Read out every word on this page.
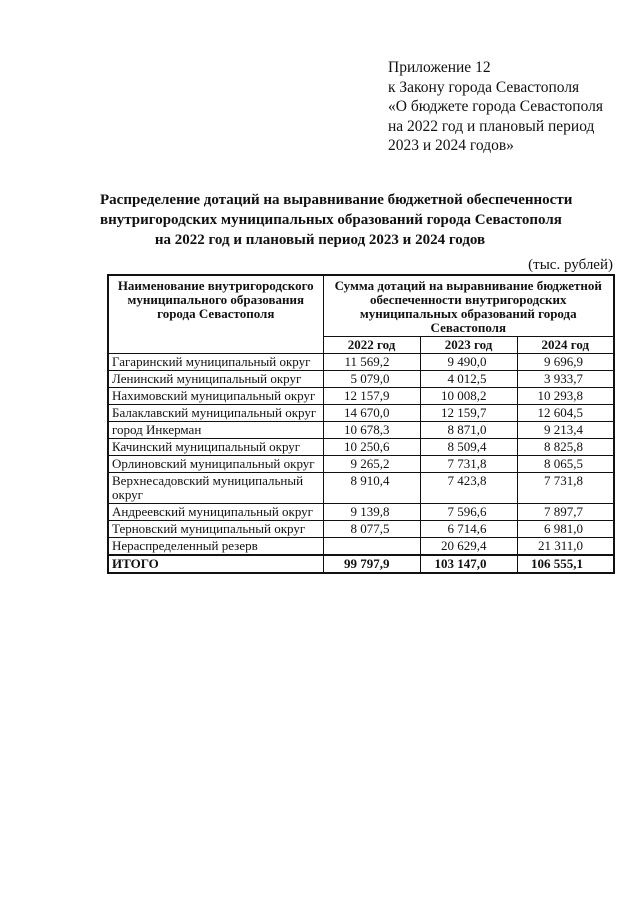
Приложение 12
к Закону города Севастополя
«О бюджете города Севастополя
на 2022 год и плановый период
2023 и 2024 годов»
Распределение дотаций на выравнивание бюджетной обеспеченности
внутригородских муниципальных образований города Севастополя
на 2022 год и плановый период 2023 и 2024 годов
(тыс. рублей)
Наименование внутригородского муниципального образования города Севастополя	Сумма дотаций на выравнивание бюджетной обеспеченности внутригородских муниципальных образований города Севастополя		
	2022 год	2023 год	2024 год
Гагаринский муниципальный округ	11 569,2	9 490,0	9 696,9
Ленинский муниципальный округ	5 079,0	4 012,5	3 933,7
Нахимовский муниципальный округ	12 157,9	10 008,2	10 293,8
Балаклавский муниципальный округ	14 670,0	12 159,7	12 604,5
город Инкерман	10 678,3	8 871,0	9 213,4
Качинский муниципальный округ	10 250,6	8 509,4	8 825,8
Орлиновский муниципальный округ	9 265,2	7 731,8	8 065,5
Верхнесадовский муниципальный округ	8 910,4	7 423,8	7 731,8
Андреевский муниципальный округ	9 139,8	7 596,6	7 897,7
Терновский муниципальный округ	8 077,5	6 714,6	6 981,0
Нераспределенный резерв		20 629,4	21 311,0
ИТОГО	99 797,9	103 147,0	106 555,1
